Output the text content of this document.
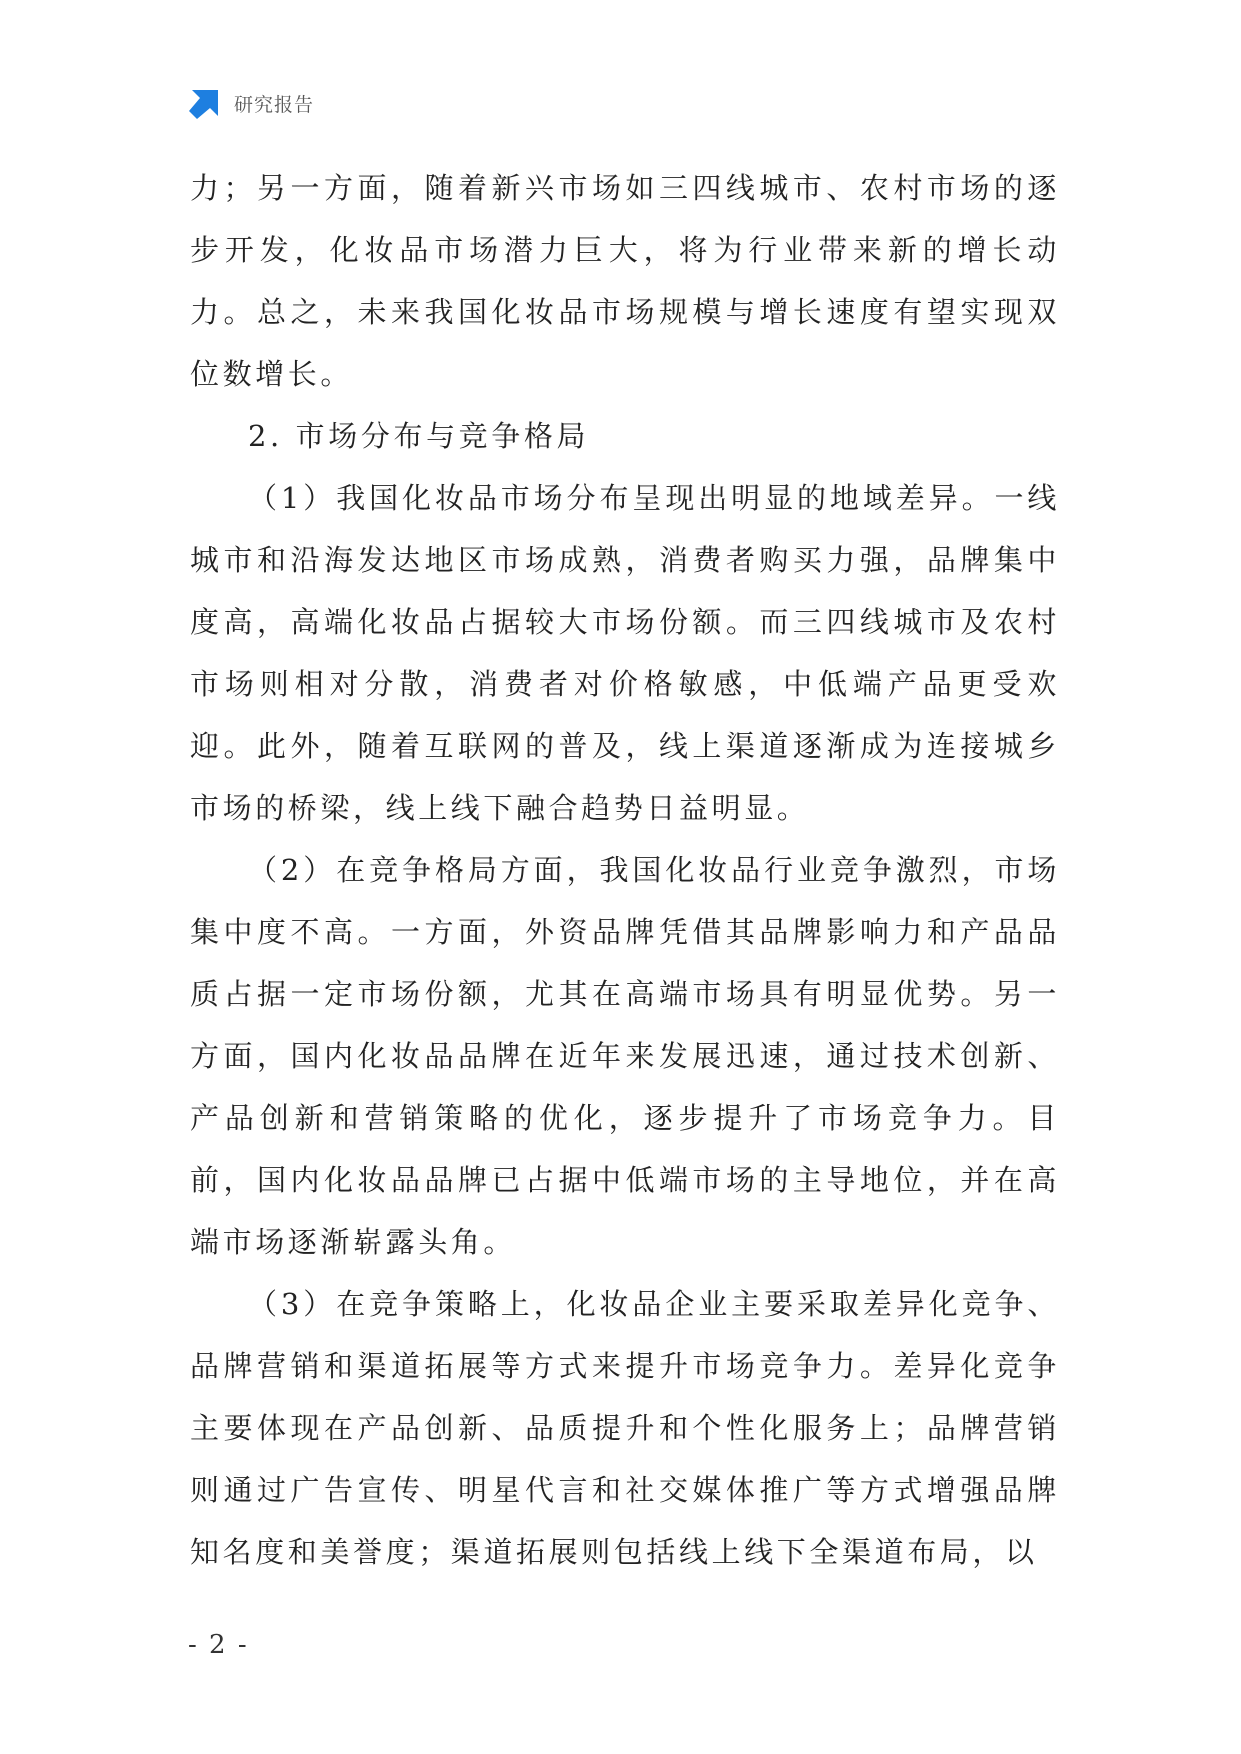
研究报告

力；另一方面，随着新兴市场如三四线城市、农村市场的逐步开发，化妆品市场潜力巨大，将为行业带来新的增长动力。总之，未来我国化妆品市场规模与增长速度有望实现双位数增长。

2. 市场分布与竞争格局

（1）我国化妆品市场分布呈现出明显的地域差异。一线城市和沿海发达地区市场成熟，消费者购买力强，品牌集中度高，高端化妆品占据较大市场份额。而三四线城市及农村市场则相对分散，消费者对价格敏感，中低端产品更受欢迎。此外，随着互联网的普及，线上渠道逐渐成为连接城乡市场的桥梁，线上线下融合趋势日益明显。

（2）在竞争格局方面，我国化妆品行业竞争激烈，市场集中度不高。一方面，外资品牌凭借其品牌影响力和产品品质占据一定市场份额，尤其在高端市场具有明显优势。另一方面，国内化妆品品牌在近年来发展迅速，通过技术创新、产品创新和营销策略的优化，逐步提升了市场竞争力。目前，国内化妆品品牌已占据中低端市场的主导地位，并在高端市场逐渐崭露头角。

（3）在竞争策略上，化妆品企业主要采取差异化竞争、品牌营销和渠道拓展等方式来提升市场竞争力。差异化竞争主要体现在产品创新、品质提升和个性化服务上；品牌营销则通过广告宣传、明星代言和社交媒体推广等方式增强品牌知名度和美誉度；渠道拓展则包括线上线下全渠道布局，以

- 2 -
